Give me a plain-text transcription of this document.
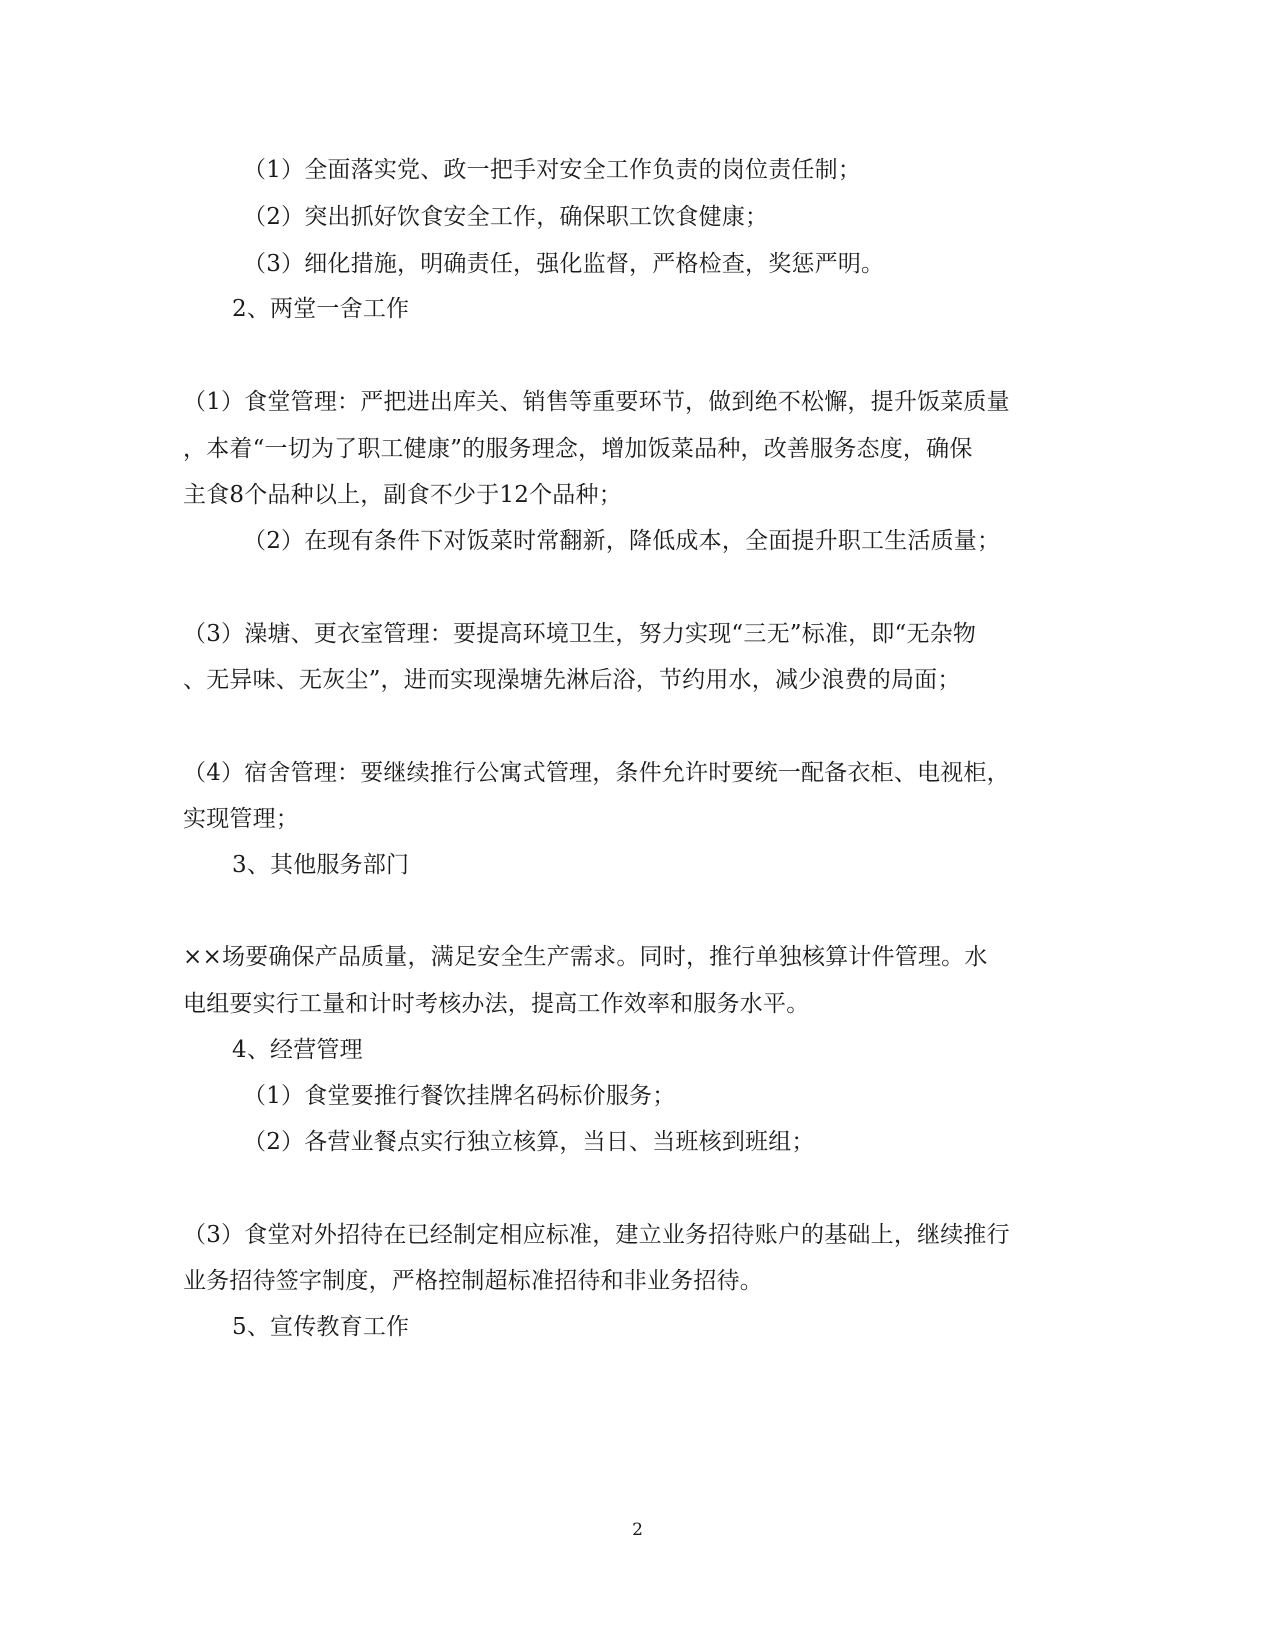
（1）全面落实党、政一把手对安全工作负责的岗位责任制；
（2）突出抓好饮食安全工作，确保职工饮食健康；
（3）细化措施，明确责任，强化监督，严格检查，奖惩严明。
2、两堂一舍工作
（1）食堂管理：严把进出库关、销售等重要环节，做到绝不松懈，提升饭菜质量
，本着“一切为了职工健康”的服务理念，增加饭菜品种，改善服务态度，确保
主食8个品种以上，副食不少于12个品种；
（2）在现有条件下对饭菜时常翻新，降低成本，全面提升职工生活质量；
（3）澡塘、更衣室管理：要提高环境卫生，努力实现“三无”标准，即“无杂物
、无异味、无灰尘”，进而实现澡塘先淋后浴，节约用水，减少浪费的局面；
（4）宿舍管理：要继续推行公寓式管理，条件允许时要统一配备衣柜、电视柜，
实现管理；
3、其他服务部门
××场要确保产品质量，满足安全生产需求。同时，推行单独核算计件管理。水
电组要实行工量和计时考核办法，提高工作效率和服务水平。
4、经营管理
（1）食堂要推行餐饮挂牌名码标价服务；
（2）各营业餐点实行独立核算，当日、当班核到班组；
（3）食堂对外招待在已经制定相应标准，建立业务招待账户的基础上，继续推行
业务招待签字制度，严格控制超标准招待和非业务招待。
5、宣传教育工作
2
